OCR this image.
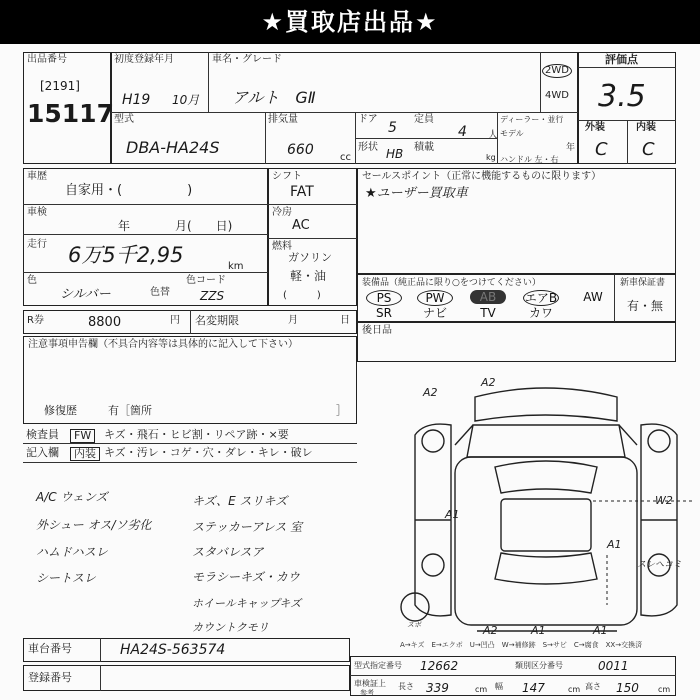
★買取店出品★
出品番号
[2191]
15117
初度登録年月
H19 10月
車名・グレード
アルト　GⅡ
2WD
4WD
評価点
3.5
外装	内装
C C
型式
DBA-HA24S
排気量
660	cc
ドア
5
定員
4 人
ディーラー・並行
モデル
年
形状 HB 積載
kg ハンドル 左・右
車歴
自家用・(　　　　　)
車検
年	月(　　日)
走行 6万5千2,95	km
色
シルバー	色替
色コード
ZZS
シフト
FAT
冷房
AC
燃料
ガソリン
軽・油
(　　　)
セールスポイント（正常に機能するものに限ります）
★ユーザー買取車
装備品（純正品に限り○をつけてください）	新車保証書
有・無
PS	PW	AB	エアB	AW
SR	ナビ	TV	カワ
R券	8800	円 名変期限	月	日
後日品
注意事項申告欄（不具合内容等は具体的に記入して下さい）
修復歴	有［箇所	］
検査員	FW	キズ・飛石・ヒビ割・リペア跡・×要
記入欄	内装 キズ・汚レ・コゲ・穴・ダレ・キレ・破レ
A/C ウェンズ
外シュー オス/ソ劣化
ハムドハスレ
シートスレ
キズ、E スリキズ
ステッカーアレス 室
スタバレスア
モラシーキズ・カウ
ホイールキャップキズ
カウントクモリ
A2
A1
W2
A1
スレへコミ
A2	A1	A1
A2
スポ
車台番号	HA24S-563574
登録番号
A→キズ　E→エクボ　U→凹凸　W→補修跡　S→サビ　C→腐食　XX→交換済
型式指定番号 12662	類別区分番号	0011
車検証上
参考
長さ 339	cm 幅 147	cm 高さ 150 cm
